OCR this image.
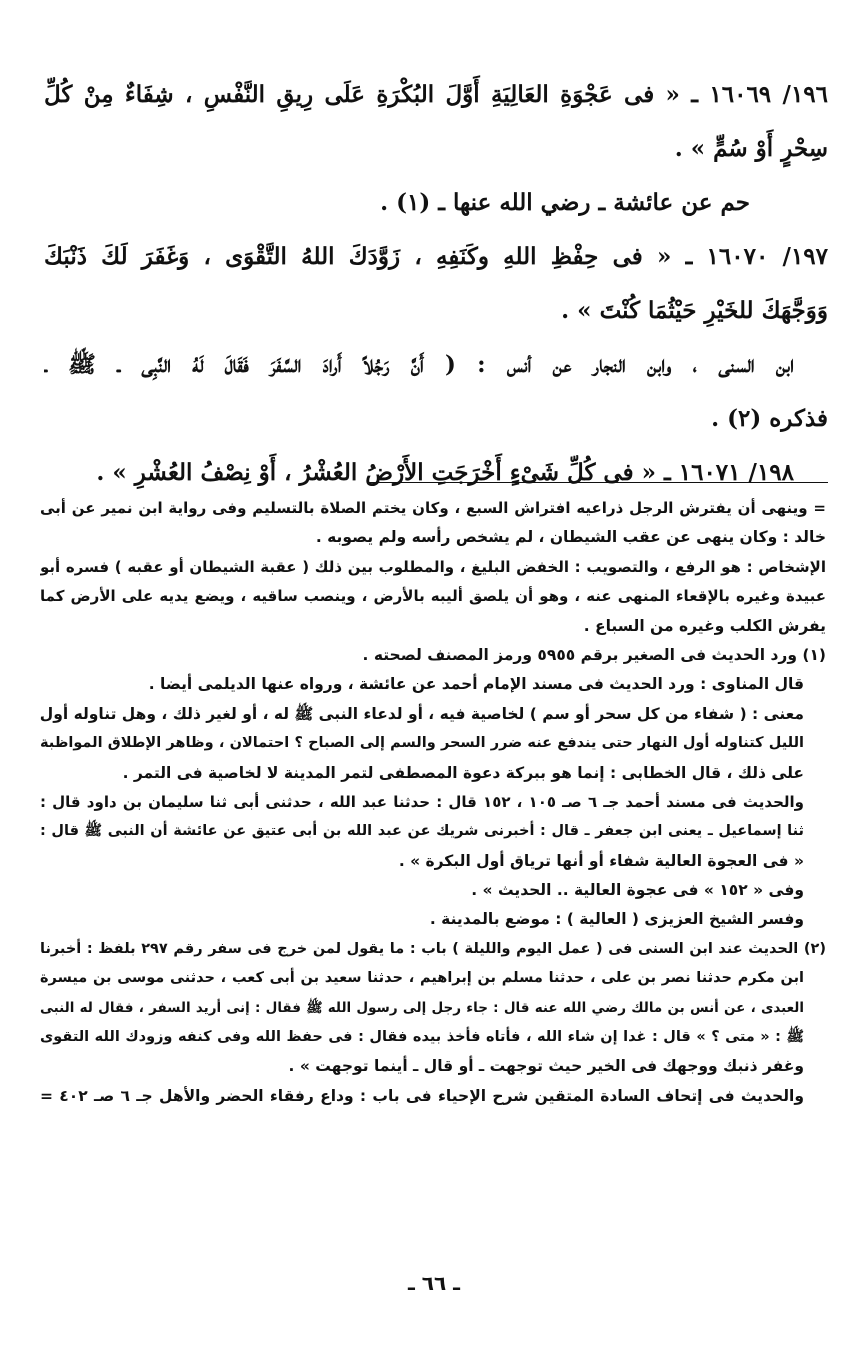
١٩٦/ ١٦٠٦٩ ـ « فى عَجْوَةِ العَالِيَةِ أَوَّلَ البُكْرَةِ عَلَى رِيقِ النَّفْسِ ، شِفَاءٌ مِنْ كُلِّ
سِحْرٍ أَوْ سُمٍّ » .
حم عن عائشة ـ رضي الله عنها ـ (١) .
١٩٧/ ١٦٠٧٠ ـ « فى حِفْظِ اللهِ وكَنَفِهِ ، زَوَّدَكَ اللهُ التَّقْوَى ، وَغَفَرَ لَكَ ذَنْبَكَ
وَوَجَّهَكَ للخَيْرِ حَيْثُمَا كُنْتَ » .
ابن السنى ، وابن النجار عن أنس : ( أَنَّ رَجُلاً أَرادَ السَّفَرَ فَقَالَ لَهُ النَّبِى ـ ﷺ ـ
فذكره (٢) .
١٩٨/ ١٦٠٧١ ـ « فى كُلِّ شَىْءٍ أَخْرَجَتِ الأَرْضُ العُشْرُ ، أَوْ نِصْفُ العُشْرِ » .
= وينهى أن يفترش الرجل ذراعيه افتراش السبع ، وكان يختم الصلاة بالتسليم وفى رواية ابن نمير عن أبى
خالد : وكان ينهى عن عقب الشيطان ، لم يشخص رأسه ولم يصوبه .
الإشخاص : هو الرفع ، والتصويب : الخفض البليغ ، والمطلوب بين ذلك ( عقبة الشيطان أو عقبه ) فسره أبو
عبيدة وغيره بالإقعاء المنهى عنه ، وهو أن يلصق أليبه بالأرض ، وينصب ساقيه ، ويضع يديه على الأرض كما
يفرش الكلب وغيره من السباع .
(١) ورد الحديث فى الصغير برقم ٥٩٥٥ ورمز المصنف لصحته .
قال المناوى : ورد الحديث فى مسند الإمام أحمد عن عائشة ، ورواه عنها الديلمى أيضا .
معنى : ( شفاء من كل سحر أو سم ) لخاصية فيه ، أو لدعاء النبى ﷺ له ، أو لغير ذلك ، وهل تناوله أول
الليل كتناوله أول النهار حتى يندفع عنه ضرر السحر والسم إلى الصباح ؟ احتمالان ، وظاهر الإطلاق المواظبة
على ذلك ، قال الخطابى : إنما هو ببركة دعوة المصطفى لتمر المدينة لا لخاصية فى التمر .
والحديث فى مسند أحمد جـ ٦ صـ ١٠٥ ، ١٥٢ قال : حدثنا عبد الله ، حدثنى أبى ثنا سليمان بن داود قال :
ثنا إسماعيل ـ يعنى ابن جعفر ـ قال : أخبرنى شريك عن عبد الله بن أبى عتيق عن عائشة أن النبى ﷺ قال :
« فى العجوة العالية شفاء أو أنها ترياق أول البكرة » .
وفى « ١٥٢ » فى عجوة العالية .. الحديث » .
وفسر الشيخ العزيزى ( العالية ) : موضع بالمدينة .
(٢) الحديث عند ابن السنى فى ( عمل اليوم والليلة ) باب : ما يقول لمن خرج فى سفر رقم ٢٩٧ بلفظ : أخبرنا
ابن مكرم حدثنا نصر بن على ، حدثنا مسلم بن إبراهيم ، حدثنا سعيد بن أبى كعب ، حدثنى موسى بن ميسرة
العبدى ، عن أنس بن مالك رضي الله عنه قال : جاء رجل إلى رسول الله ﷺ فقال : إنى أريد السفر ، فقال له النبى
ﷺ : « متى ؟ » قال : غدا إن شاء الله ، فأتاه فأخذ بيده فقال : فى حفظ الله وفى كنفه وزودك الله التقوى
وغفر ذنبك ووجهك فى الخير حيث توجهت ـ أو قال ـ أينما توجهت » .
والحديث فى إتحاف السادة المتقين شرح الإحياء فى باب : وداع رفقاء الحضر والأهل جـ ٦ صـ ٤٠٢ =
ـ ٦٦ ـ
